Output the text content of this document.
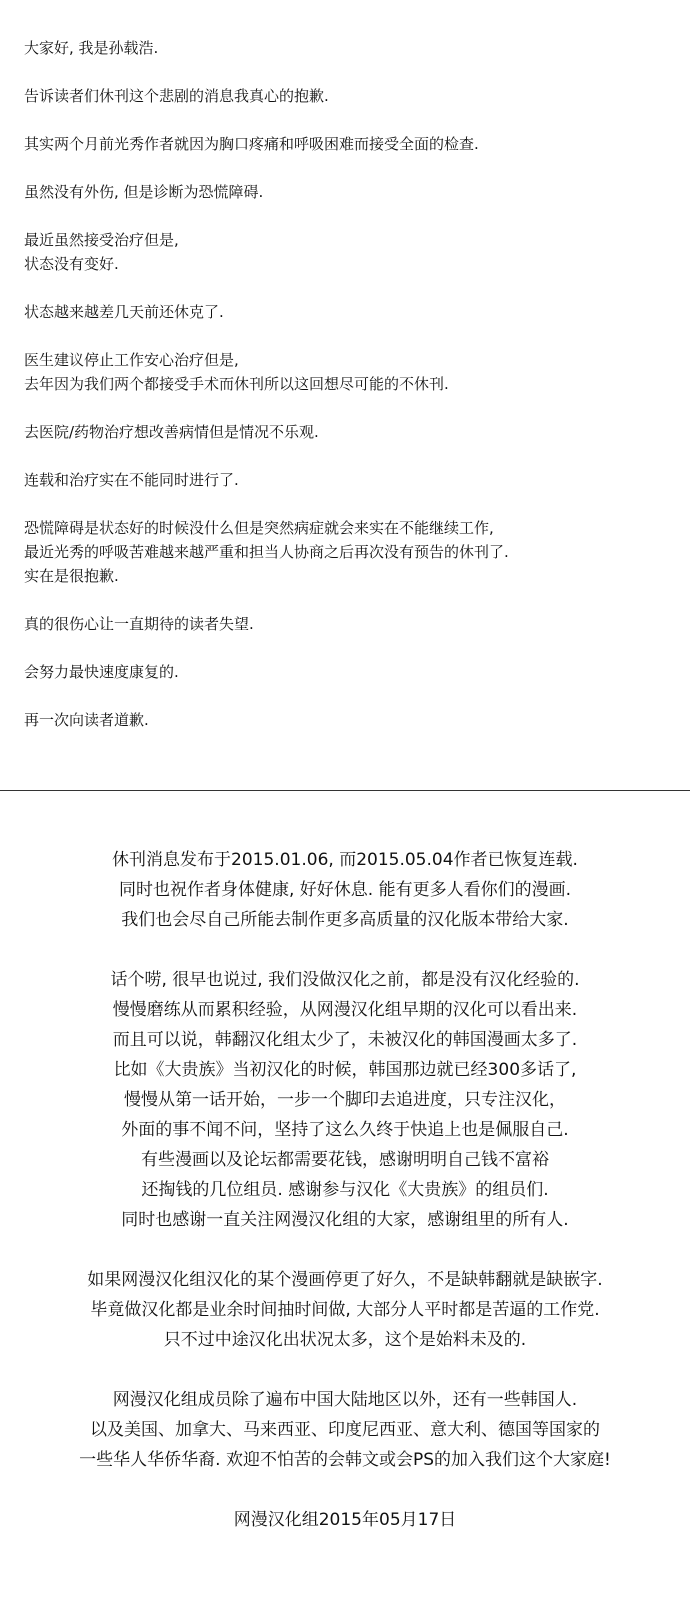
大家好, 我是孙载浩.

告诉读者们休刊这个悲剧的消息我真心的抱歉.

其实两个月前光秀作者就因为胸口疼痛和呼吸困难而接受全面的检查.

虽然没有外伤, 但是诊断为恐慌障碍.

最近虽然接受治疗但是,
状态没有变好.

状态越来越差几天前还休克了.

医生建议停止工作安心治疗但是,
去年因为我们两个都接受手术而休刊所以这回想尽可能的不休刊.

去医院/药物治疗想改善病情但是情况不乐观.

连载和治疗实在不能同时进行了.

恐慌障碍是状态好的时候没什么但是突然病症就会来实在不能继续工作,
最近光秀的呼吸苦难越来越严重和担当人协商之后再次没有预告的休刊了.
实在是很抱歉.

真的很伤心让一直期待的读者失望.

会努力最快速度康复的.

再一次向读者道歉.

休刊消息发布于2015.01.06, 而2015.05.04作者已恢复连载.
同时也祝作者身体健康, 好好休息. 能有更多人看你们的漫画.
我们也会尽自己所能去制作更多高质量的汉化版本带给大家.

话个唠, 很早也说过, 我们没做汉化之前，都是没有汉化经验的.
慢慢磨练从而累积经验，从网漫汉化组早期的汉化可以看出来.
而且可以说，韩翻汉化组太少了，未被汉化的韩国漫画太多了.
比如《大贵族》当初汉化的时候，韩国那边就已经300多话了,
慢慢从第一话开始，一步一个脚印去追进度，只专注汉化，
外面的事不闻不问，坚持了这么久终于快追上也是佩服自己.
有些漫画以及论坛都需要花钱，感谢明明自己钱不富裕
还掏钱的几位组员. 感谢参与汉化《大贵族》的组员们.
同时也感谢一直关注网漫汉化组的大家，感谢组里的所有人.

如果网漫汉化组汉化的某个漫画停更了好久，不是缺韩翻就是缺嵌字.
毕竟做汉化都是业余时间抽时间做, 大部分人平时都是苦逼的工作党.
只不过中途汉化出状况太多，这个是始料未及的.

网漫汉化组成员除了遍布中国大陆地区以外，还有一些韩国人.
以及美国、加拿大、马来西亚、印度尼西亚、意大利、德国等国家的
一些华人华侨华裔. 欢迎不怕苦的会韩文或会PS的加入我们这个大家庭!

网漫汉化组2015年05月17日
